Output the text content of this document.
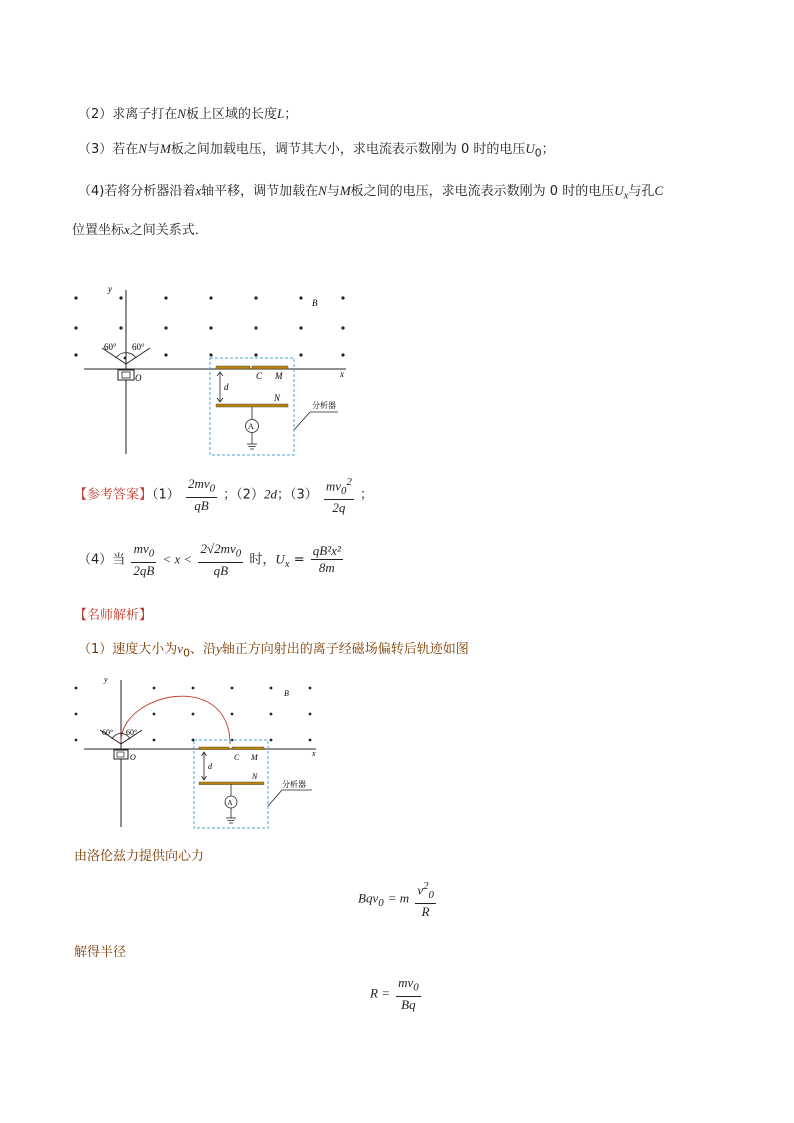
（2）求离子打在N板上区域的长度L；
（3）若在N与M板之间加载电压，调节其大小，求电流表示数刚为 0 时的电压$U_0$；
（4)若将分析器沿着x轴平移，调节加载在N与M板之间的电压，求电流表示数刚为 0 时的电压$U_x$与孔C
位置坐标x之间关系式．
y
x
B
60° 60°
O	C M
d
N
A
分析器
【参考答案】$(1) \frac{2mv_0}{qB}$ ；（2）2d；$(3) \frac{mv_0^2}{2q}$ ；
（4）当 $\frac{mv_0}{2qB} < x < \frac{2√2mv_0}{qB}$ 时，$U_x = \frac{\text{qB²x²}}{8m}$
【名师解析】
（1）速度大小为$v_0$、沿y轴正方向射出的离子经磁场偏转后轨迹如图
y
x
B
60° 60°
O	C M
d
N
A
分析器
由洛伦兹力提供向心力
Bqv$_0$ = m $\frac{v^2_0}{R}$
解得半径
$R = \frac{mv_0}{Bq}$
